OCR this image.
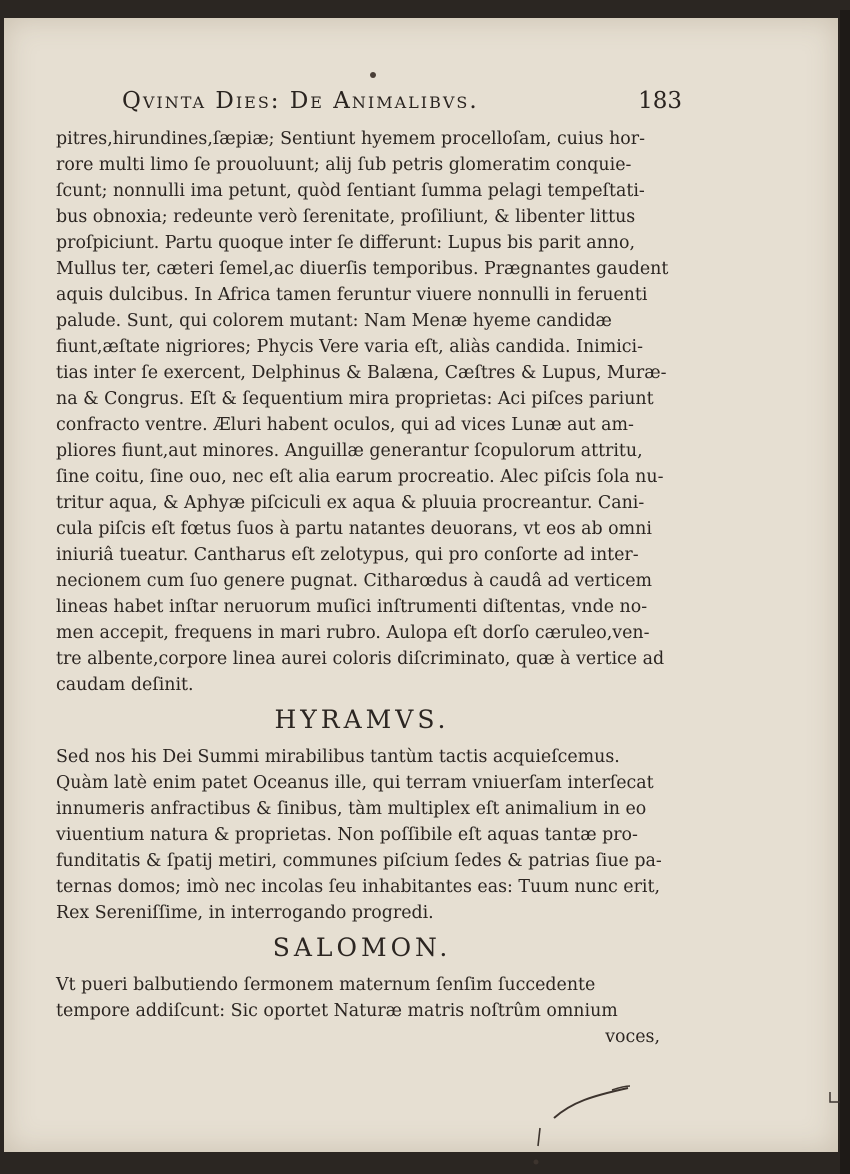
Qvinta Dies: De Animalibvs.	183

pitres,hirundines,ſæpiæ; Sentiunt hyemem procelloſam, cuius hor-
rore multi limo ſe prouoluunt; alij ſub petris glomeratim conquie-
ſcunt; nonnulli ima petunt, quòd ſentiant ſumma pelagi tempeſtati-
bus obnoxia; redeunte verò ſerenitate, proſiliunt, & libenter littus
proſpiciunt. Partu quoque inter ſe differunt: Lupus bis parit anno,
Mullus ter, cæteri ſemel,ac diuerſis temporibus. Prægnantes gaudent
aquis dulcibus. In Africa tamen feruntur viuere nonnulli in feruenti
palude. Sunt, qui colorem mutant: Nam Menæ hyeme candidæ
fiunt,æſtate nigriores; Phycis Vere varia eſt, aliàs candida. Inimici-
tias inter ſe exercent, Delphinus & Balæna, Cæſtres & Lupus, Muræ-
na & Congrus. Eſt & ſequentium mira proprietas: Aci piſces pariunt
confracto ventre. Æluri habent oculos, qui ad vices Lunæ aut am-
pliores fiunt,aut minores. Anguillæ generantur ſcopulorum attritu,
ſine coitu, ſine ouo, nec eſt alia earum procreatio. Alec piſcis ſola nu-
tritur aqua, & Aphyæ piſciculi ex aqua & pluuia procreantur. Cani-
cula piſcis eſt fœtus ſuos à partu natantes deuorans, vt eos ab omni
iniuriâ tueatur. Cantharus eſt zelotypus, qui pro conſorte ad inter-
necionem cum ſuo genere pugnat. Citharœdus à caudâ ad verticem
lineas habet inſtar neruorum muſici inſtrumenti diſtentas, vnde no-
men accepit, frequens in mari rubro. Aulopa eſt dorſo cæruleo,ven-
tre albente,corpore linea aurei coloris diſcriminato, quæ à vertice ad
caudam deſinit.

HYRAMVS.

Sed nos his Dei Summi mirabilibus tantùm tactis acquieſcemus.
Quàm latè enim patet Oceanus ille, qui terram vniuerſam interſecat
innumeris anfractibus & ſinibus, tàm multiplex eſt animalium in eo
viuentium natura & proprietas. Non poſſibile eſt aquas tantæ pro-
funditatis & ſpatij metiri, communes piſcium ſedes & patrias ſiue pa-
ternas domos; imò nec incolas ſeu inhabitantes eas: Tuum nunc erit,
Rex Sereniſſime, in interrogando progredi.

SALOMON.

Vt pueri balbutiendo ſermonem maternum ſenſim ſuccedente
tempore addiſcunt: Sic oportet Naturæ matris noſtrûm omnium

voces,
